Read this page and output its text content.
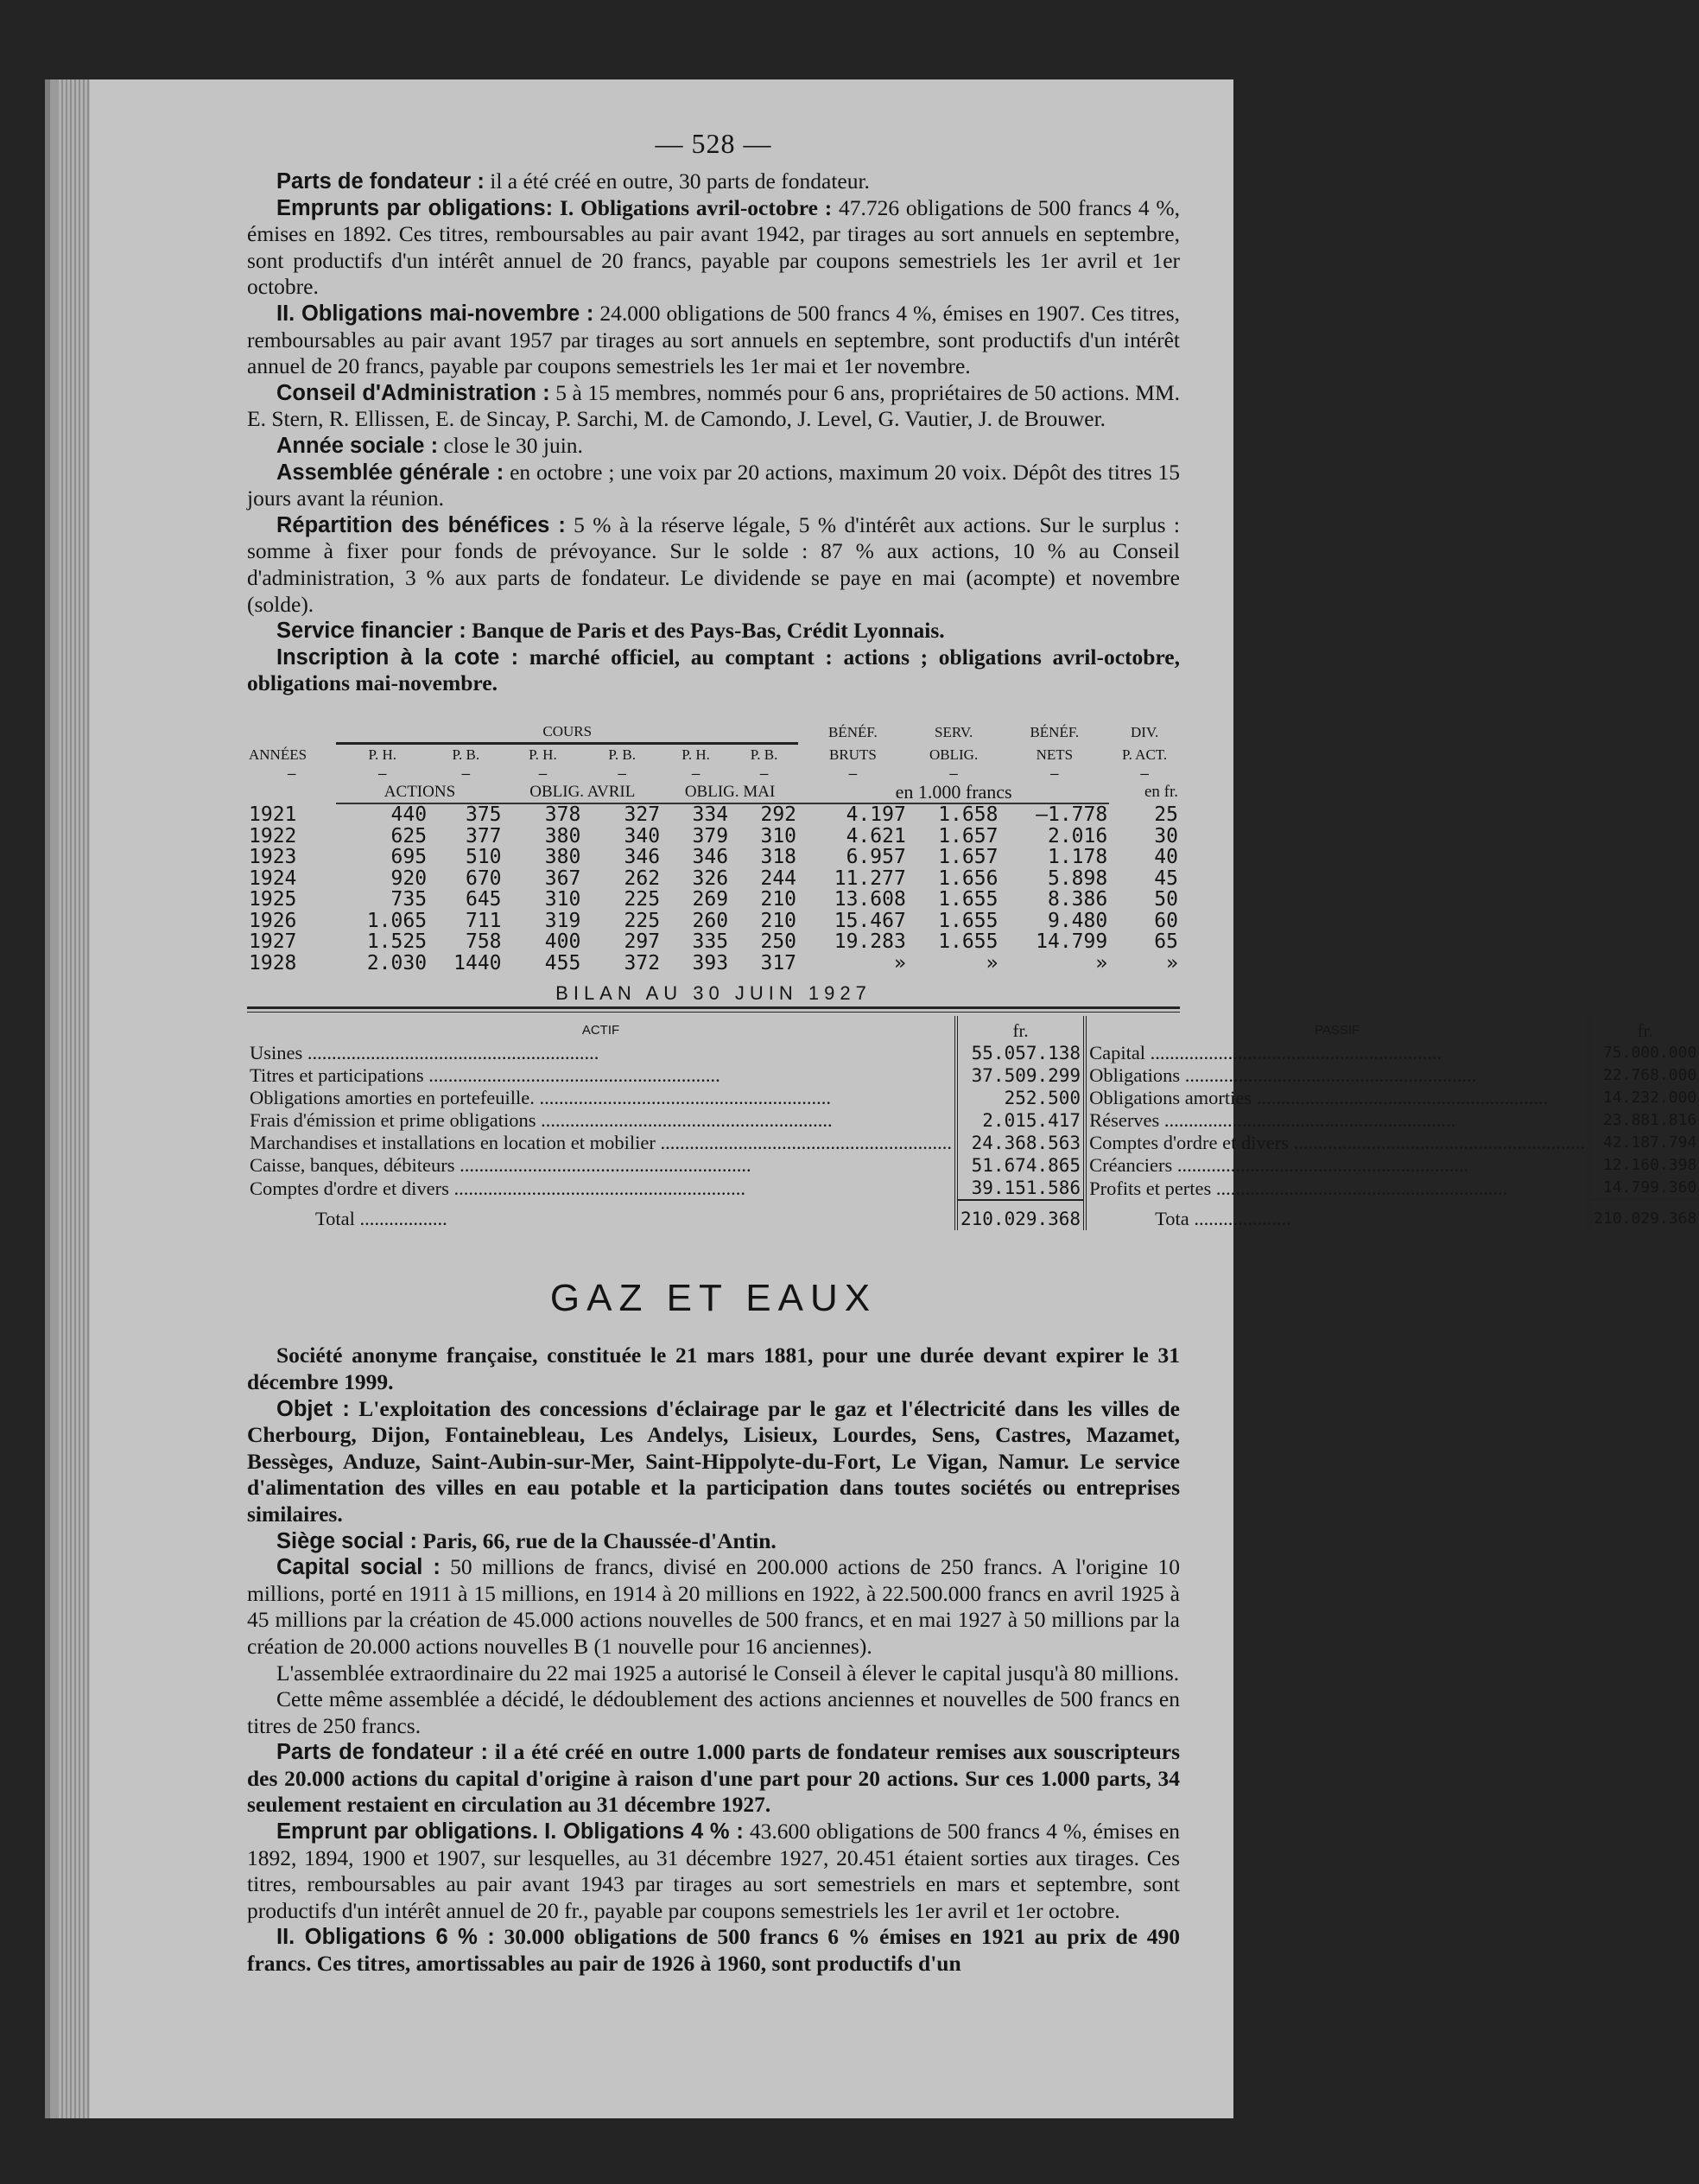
— 528 —

Parts de fondateur : il a été créé en outre, 30 parts de fondateur.

Emprunts par obligations: I. Obligations avril-octobre : 47.726 obligations de 500 francs 4 %, émises en 1892. Ces titres, remboursables au pair avant 1942, par tirages au sort annuels en septembre, sont productifs d'un intérêt annuel de 20 francs, payable par coupons semestriels les 1er avril et 1er octobre.

II. Obligations mai-novembre : 24.000 obligations de 500 francs 4 %, émises en 1907. Ces titres, remboursables au pair avant 1957 par tirages au sort annuels en septembre, sont productifs d'un intérêt annuel de 20 francs, payable par coupons semestriels les 1er mai et 1er novembre.

Conseil d'Administration : 5 à 15 membres, nommés pour 6 ans, propriétaires de 50 actions. MM. E. Stern, R. Ellissen, E. de Sincay, P. Sarchi, M. de Camondo, J. Level, G. Vautier, J. de Brouwer.

Année sociale : close le 30 juin.

Assemblée générale : en octobre ; une voix par 20 actions, maximum 20 voix. Dépôt des titres 15 jours avant la réunion.

Répartition des bénéfices : 5 % à la réserve légale, 5 % d'intérêt aux actions. Sur le surplus : somme à fixer pour fonds de prévoyance. Sur le solde : 87 % aux actions, 10 % au Conseil d'administration, 3 % aux parts de fondateur. Le dividende se paye en mai (acompte) et novembre (solde).

Service financier : Banque de Paris et des Pays-Bas, Crédit Lyonnais.

Inscription à la cote : marché officiel, au comptant : actions ; obligations avril-octobre, obligations mai-novembre.

ANNÉES	COURS						BÉNÉF.	SERV.	BÉNÉF.	DIV.
	P. H.	P. B.	P. H.	P. B.	P. H.	P. B.	BRUTS	OBLIG.	NETS	P. ACT.
—	—	—	—	—	—	—	—	—	—	—
	ACTIONS		OBLIG. AVRIL		OBLIG. MAI		en 1.000 francs			en fr.
1921	440	375	378	327	334	292	4.197	1.658	—1.778	25
1922	625	377	380	340	379	310	4.621	1.657	2.016	30
1923	695	510	380	346	346	318	6.957	1.657	1.178	40
1924	920	670	367	262	326	244	11.277	1.656	5.898	45
1925	735	645	310	225	269	210	13.608	1.655	8.386	50
1926	1.065	711	319	225	260	210	15.467	1.655	9.480	60
1927	1.525	758	400	297	335	250	19.283	1.655	14.799	65
1928	2.030	1440	455	372	393	317	»	»	»	»
BILAN AU 30 JUIN 1927
ACTIF	fr.	PASSIF	fr.
Usines ............................................................	55.057.138	Capital ............................................................	75.000.000
Titres et participations ............................................................	37.509.299	Obligations ............................................................	22.768.000
Obligations amorties en portefeuille. ............................................................	252.500	Obligations amorties ............................................................	14.232.000
Frais d'émission et prime obligations ............................................................	2.015.417	Réserves ............................................................	23.881.816
Marchandises et installations en location et mobilier ............................................................	24.368.563	Comptes d'ordre et divers ............................................................	42.187.794
Caisse, banques, débiteurs ............................................................	51.674.865	Créanciers ............................................................	12.160.398
Comptes d'ordre et divers ............................................................	39.151.586	Profits et pertes ............................................................	14.799.360
Total ..................	210.029.368	Tota ....................	210.029.368
GAZ ET EAUX

Société anonyme française, constituée le 21 mars 1881, pour une durée devant expirer le 31 décembre 1999.

Objet : L'exploitation des concessions d'éclairage par le gaz et l'électricité dans les villes de Cherbourg, Dijon, Fontainebleau, Les Andelys, Lisieux, Lourdes, Sens, Castres, Mazamet, Bessèges, Anduze, Saint-Aubin-sur-Mer, Saint-Hippolyte-du-Fort, Le Vigan, Namur. Le service d'alimentation des villes en eau potable et la participation dans toutes sociétés ou entreprises similaires.

Siège social : Paris, 66, rue de la Chaussée-d'Antin.

Capital social : 50 millions de francs, divisé en 200.000 actions de 250 francs. A l'origine 10 millions, porté en 1911 à 15 millions, en 1914 à 20 millions en 1922, à 22.500.000 francs en avril 1925 à 45 millions par la création de 45.000 actions nouvelles de 500 francs, et en mai 1927 à 50 millions par la création de 20.000 actions nouvelles B (1 nouvelle pour 16 anciennes).

L'assemblée extraordinaire du 22 mai 1925 a autorisé le Conseil à élever le capital jusqu'à 80 millions.

Cette même assemblée a décidé, le dédoublement des actions anciennes et nouvelles de 500 francs en titres de 250 francs.

Parts de fondateur : il a été créé en outre 1.000 parts de fondateur remises aux souscripteurs des 20.000 actions du capital d'origine à raison d'une part pour 20 actions. Sur ces 1.000 parts, 34 seulement restaient en circulation au 31 décembre 1927.

Emprunt par obligations. I. Obligations 4 % : 43.600 obligations de 500 francs 4 %, émises en 1892, 1894, 1900 et 1907, sur lesquelles, au 31 décembre 1927, 20.451 étaient sorties aux tirages. Ces titres, remboursables au pair avant 1943 par tirages au sort semestriels en mars et septembre, sont productifs d'un intérêt annuel de 20 fr., payable par coupons semestriels les 1er avril et 1er octobre.

II. Obligations 6 % : 30.000 obligations de 500 francs 6 % émises en 1921 au prix de 490 francs. Ces titres, amortissables au pair de 1926 à 1960, sont productifs d'un
